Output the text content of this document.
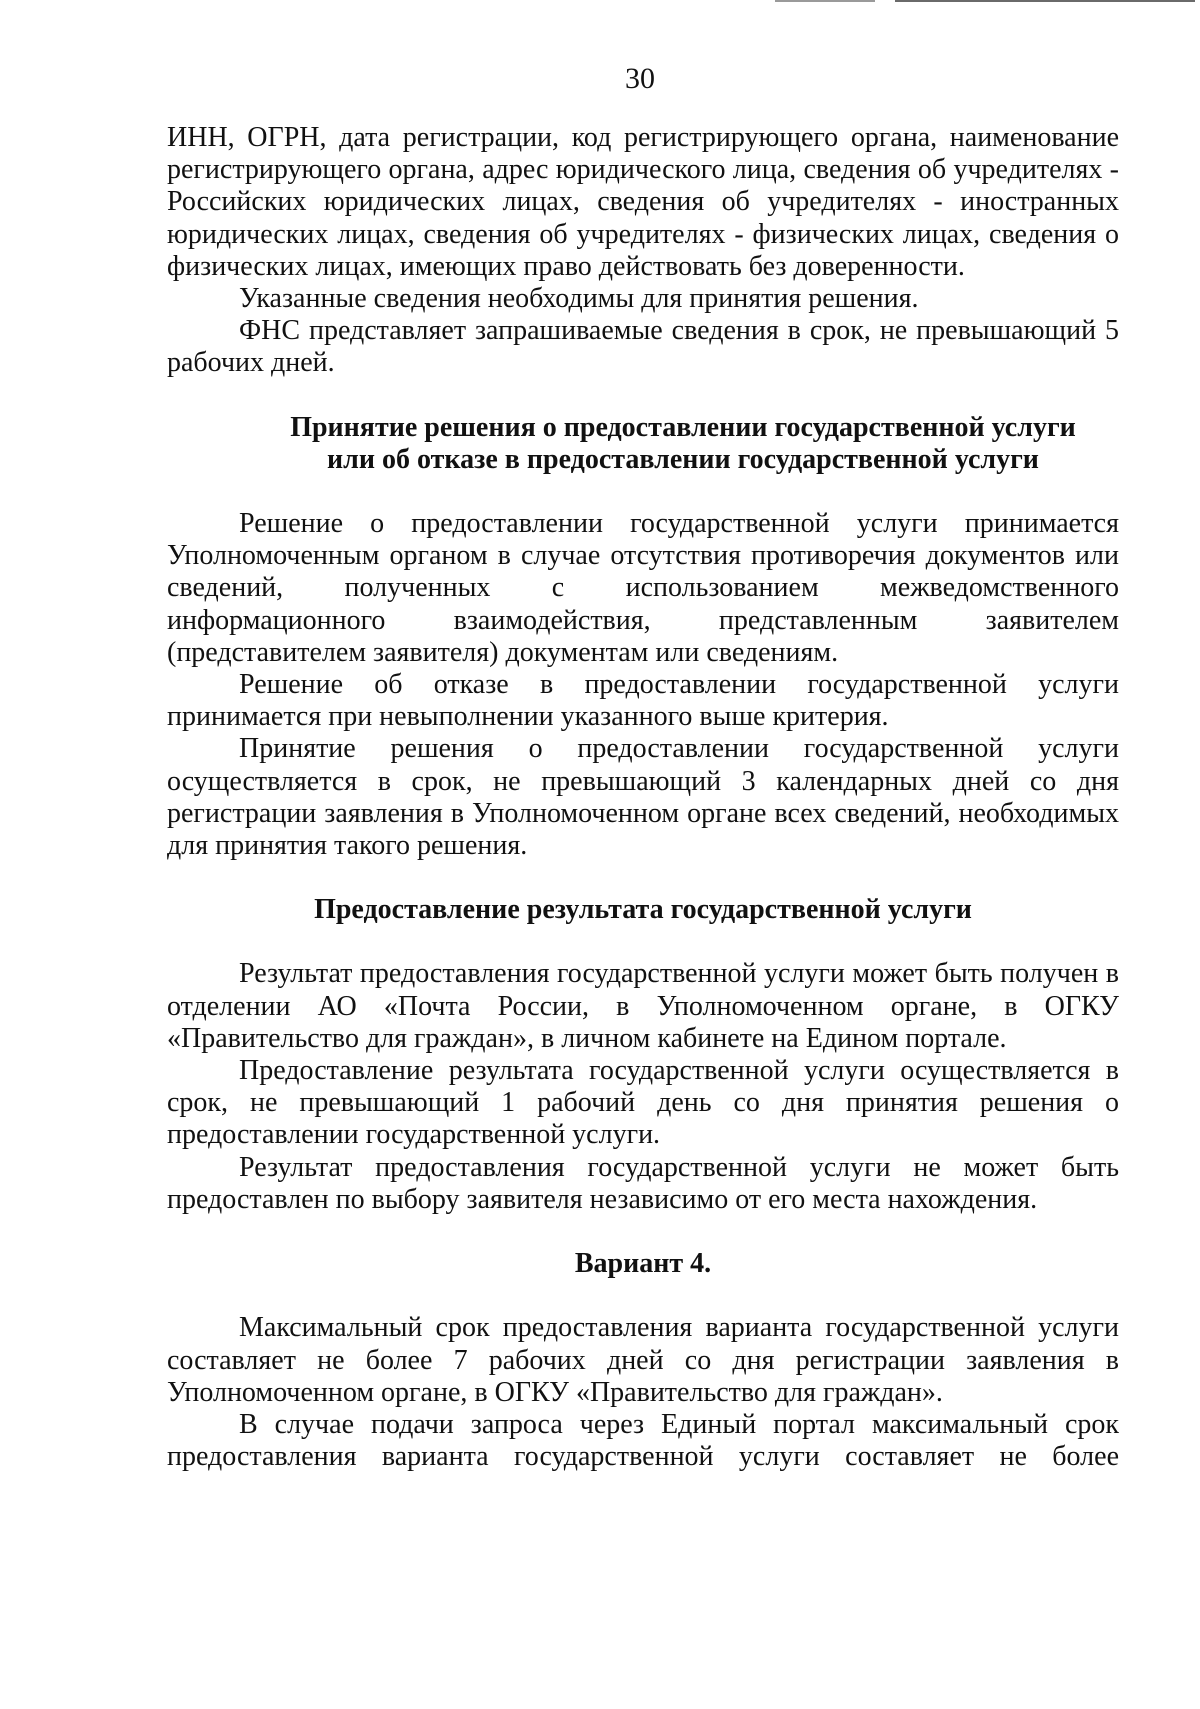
30

ИНН, ОГРН, дата регистрации, код регистрирующего органа, наименование регистрирующего органа, адрес юридического лица, сведения об учредителях - Российских юридических лицах, сведения об учредителях - иностранных юридических лицах, сведения об учредителях - физических лицах, сведения о физических лицах, имеющих право действовать без доверенности.

Указанные сведения необходимы для принятия решения.

ФНС представляет запрашиваемые сведения в срок, не превышающий 5 рабочих дней.

Принятие решения о предоставлении государственной услуги или об отказе в предоставлении государственной услуги

Решение о предоставлении государственной услуги принимается Уполномоченным органом в случае отсутствия противоречия документов или сведений, полученных с использованием межведомственного информационного взаимодействия, представленным заявителем (представителем заявителя) документам или сведениям.

Решение об отказе в предоставлении государственной услуги принимается при невыполнении указанного выше критерия.

Принятие решения о предоставлении государственной услуги осуществляется в срок, не превышающий 3 календарных дней со дня регистрации заявления в Уполномоченном органе всех сведений, необходимых для принятия такого решения.

Предоставление результата государственной услуги

Результат предоставления государственной услуги может быть получен в отделении АО «Почта России, в Уполномоченном органе, в ОГКУ «Правительство для граждан», в личном кабинете на Едином портале.

Предоставление результата государственной услуги осуществляется в срок, не превышающий 1 рабочий день со дня принятия решения о предоставлении государственной услуги.

Результат предоставления государственной услуги не может быть предоставлен по выбору заявителя независимо от его места нахождения.

Вариант 4.

Максимальный срок предоставления варианта государственной услуги составляет не более 7 рабочих дней со дня регистрации заявления в Уполномоченном органе, в ОГКУ «Правительство для граждан».

В случае подачи запроса через Единый портал максимальный срок предоставления варианта государственной услуги составляет не более
